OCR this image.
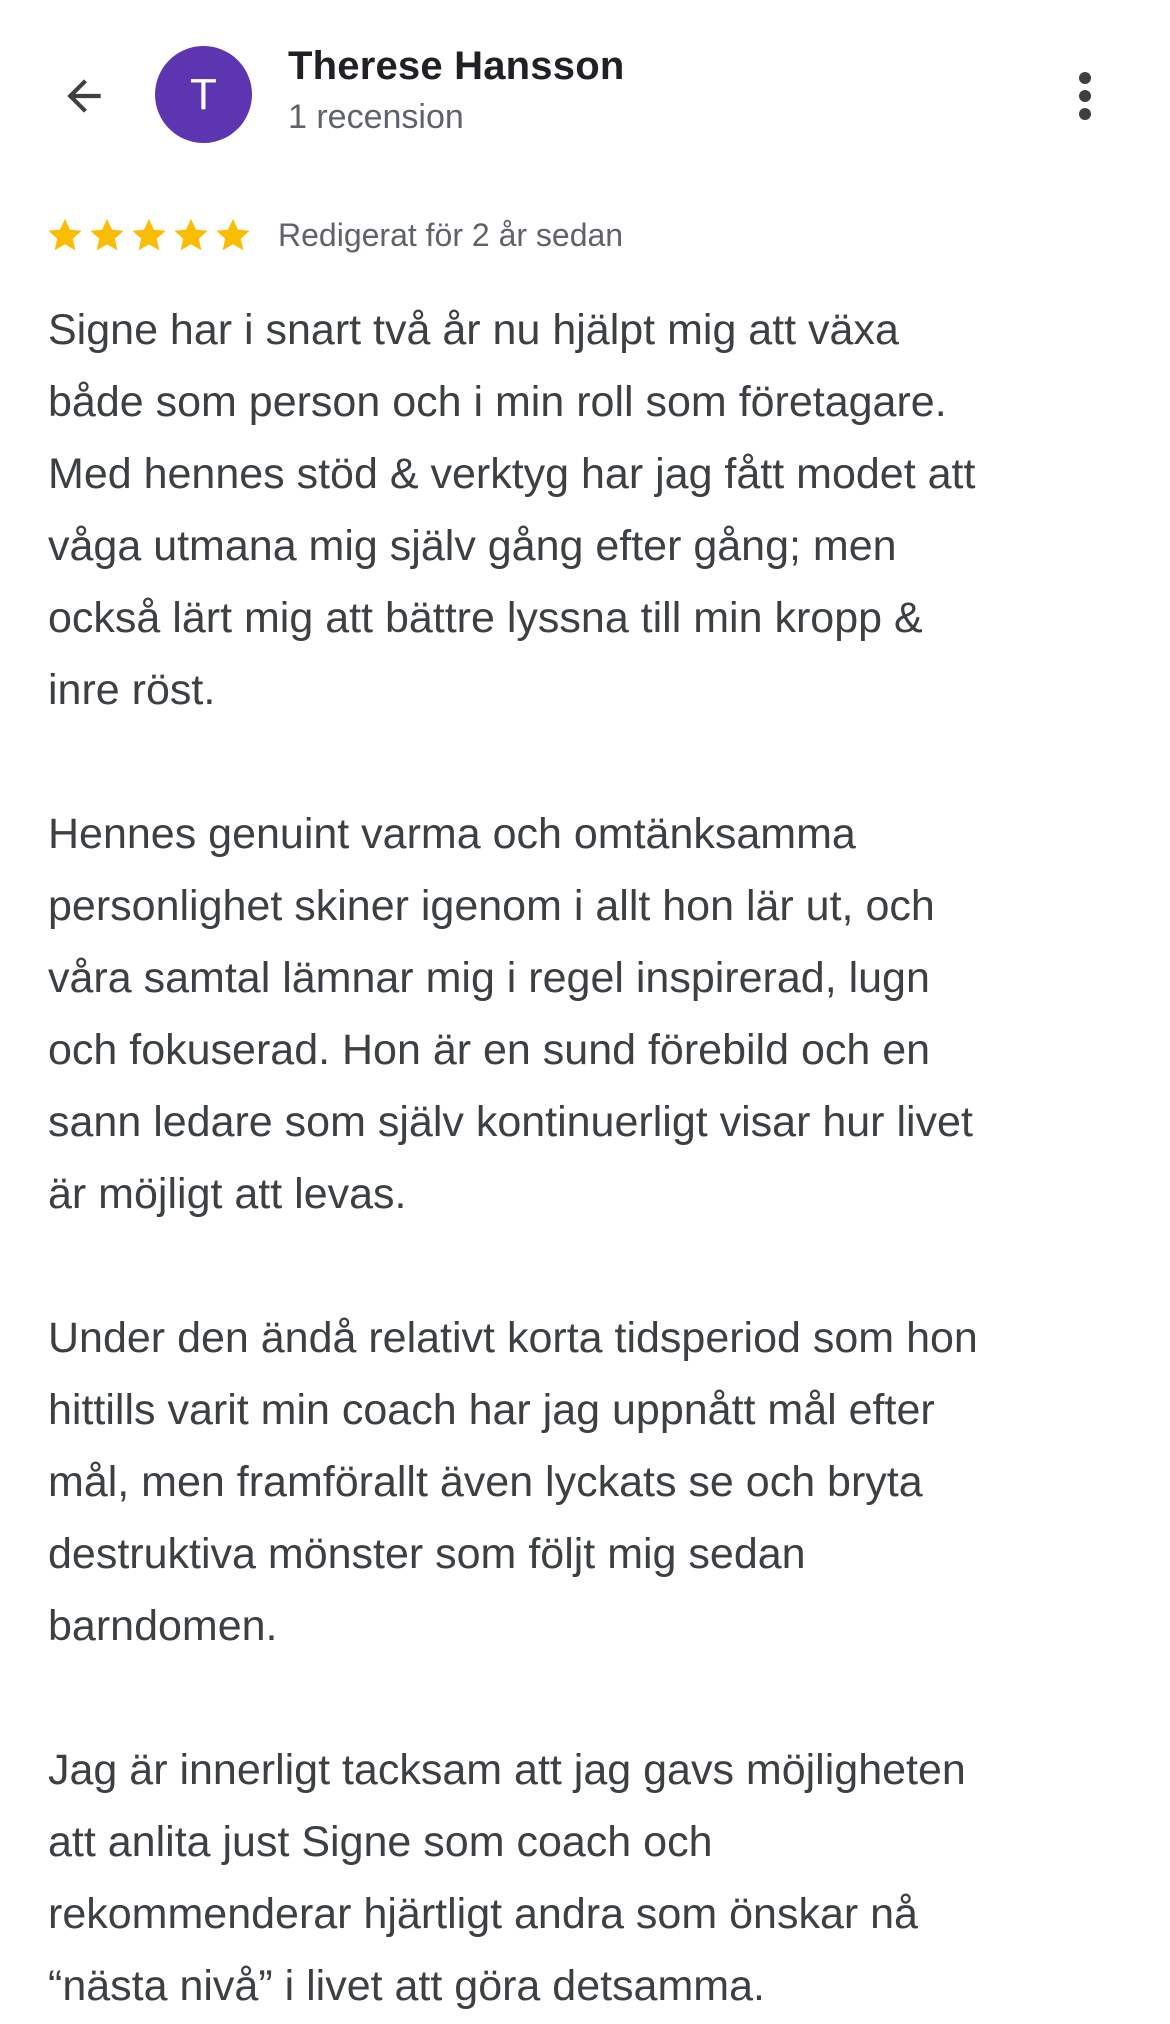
T
Therese Hansson
1 recension
Redigerat för 2 år sedan
Signe har i snart två år nu hjälpt mig att växa
både som person och i min roll som företagare.
Med hennes stöd & verktyg har jag fått modet att
våga utmana mig själv gång efter gång; men
också lärt mig att bättre lyssna till min kropp &
inre röst.
Hennes genuint varma och omtänksamma
personlighet skiner igenom i allt hon lär ut, och
våra samtal lämnar mig i regel inspirerad, lugn
och fokuserad. Hon är en sund förebild och en
sann ledare som själv kontinuerligt visar hur livet
är möjligt att levas.
Under den ändå relativt korta tidsperiod som hon
hittills varit min coach har jag uppnått mål efter
mål, men framförallt även lyckats se och bryta
destruktiva mönster som följt mig sedan
barndomen.
Jag är innerligt tacksam att jag gavs möjligheten
att anlita just Signe som coach och
rekommenderar hjärtligt andra som önskar nå
“nästa nivå” i livet att göra detsamma.
